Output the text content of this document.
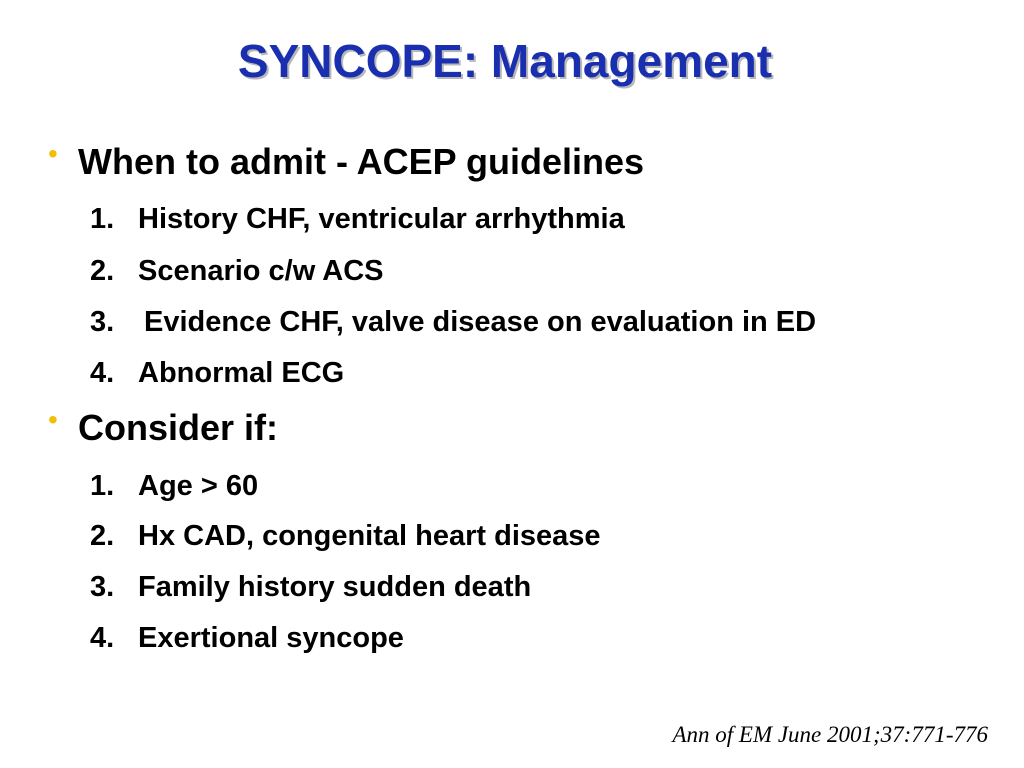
SYNCOPE: Management
• When to admit - ACEP guidelines
1. History CHF, ventricular arrhythmia
2. Scenario c/w ACS
3. Evidence CHF, valve disease on evaluation in ED
4. Abnormal ECG
• Consider if:
1. Age > 60
2. Hx CAD, congenital heart disease
3. Family history sudden death
4. Exertional syncope
Ann of EM June 2001;37:771-776
